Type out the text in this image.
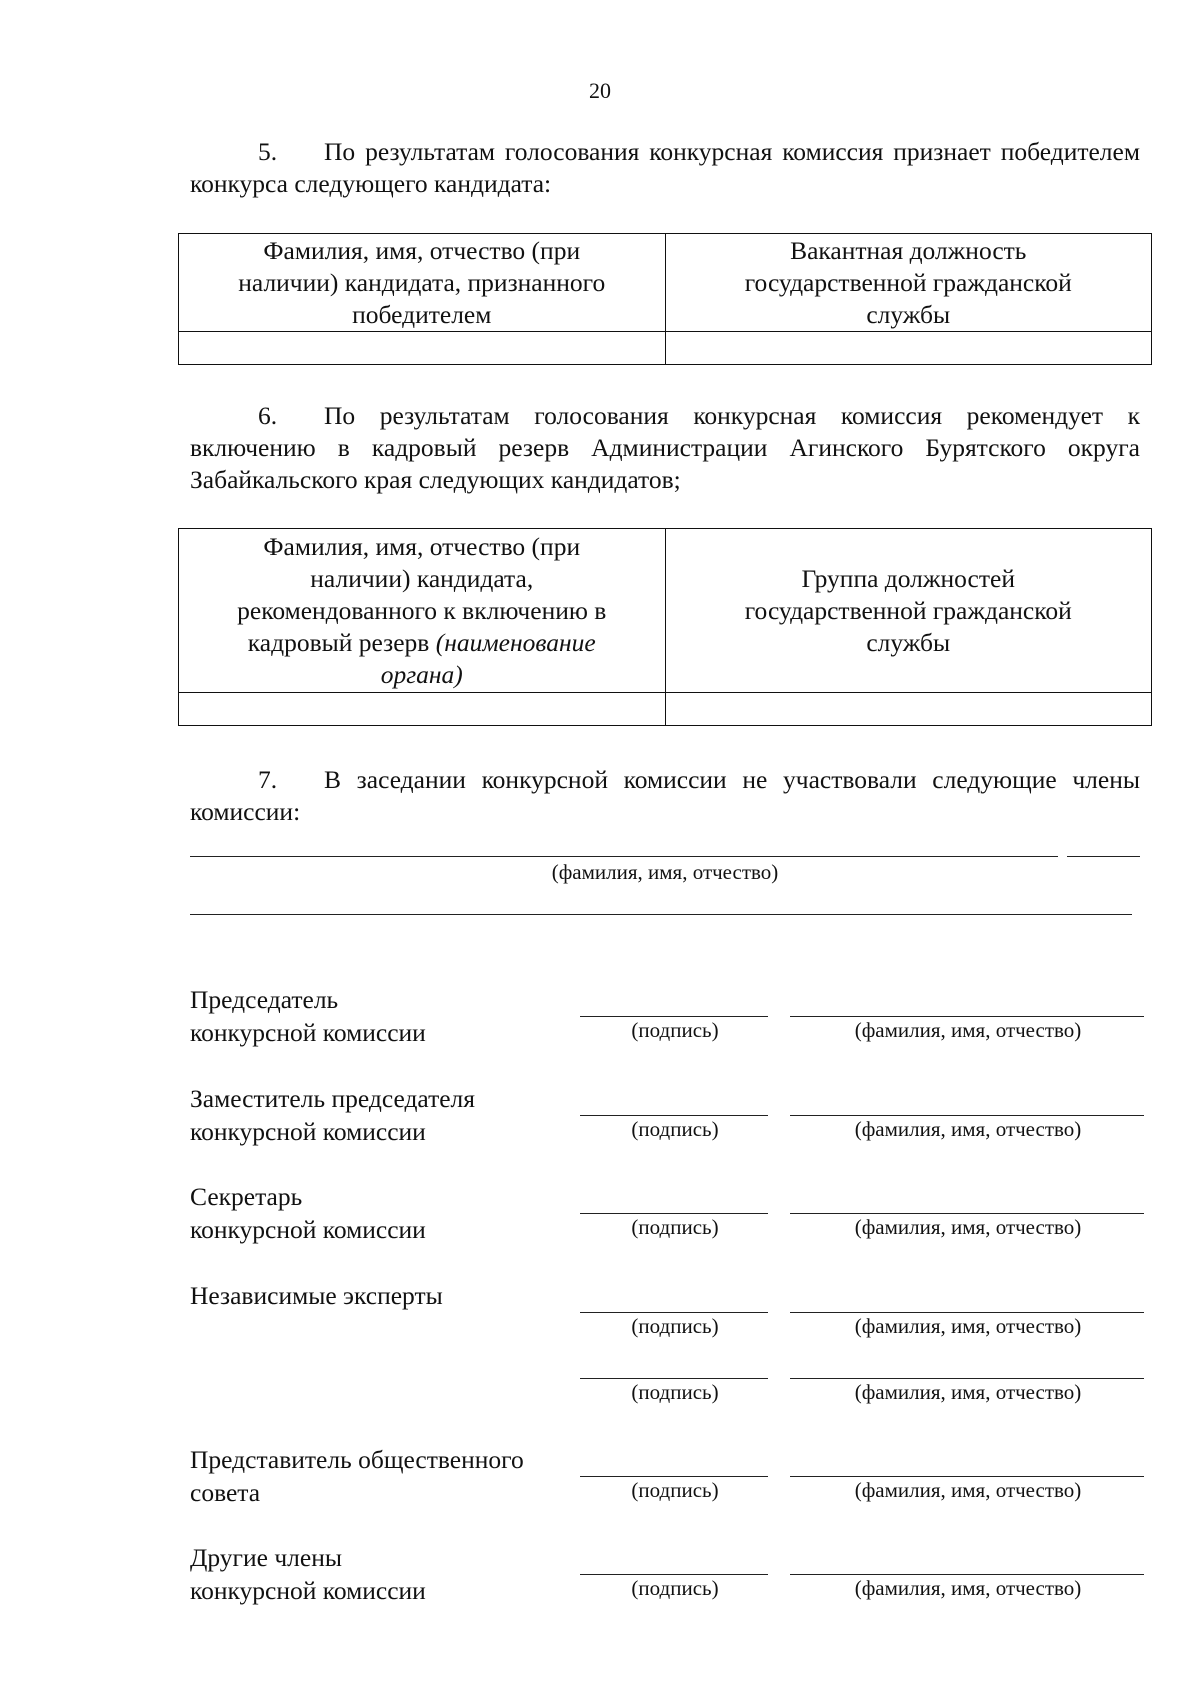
20
5. По результатам голосования конкурсная комиссия признает победителем конкурса следующего кандидата:
Фамилия, имя, отчество (при
наличии) кандидата, признанного
победителем	Вакантная должность
государственной гражданской
службы

6. По результатам голосования конкурсная комиссия рекомендует к включению в кадровый резерв Администрации Агинского Бурятского округа Забайкальского края следующих кандидатов;
Фамилия, имя, отчество (при
наличии) кандидата,
рекомендованного к включению в
кадровый резерв (наименование
органа)	Группа должностей
государственной гражданской
службы

7. В заседании конкурсной комиссии не участвовали следующие члены комиссии:
(фамилия, имя, отчество)
Председатель
конкурсной комиссии	(подпись)	(фамилия, имя, отчество)
Заместитель председателя
конкурсной комиссии	(подпись)	(фамилия, имя, отчество)
Секретарь
конкурсной комиссии	(подпись)	(фамилия, имя, отчество)
Независимые эксперты
(подпись)	(фамилия, имя, отчество)
(подпись)	(фамилия, имя, отчество)
Представитель общественного
совета	(подпись)	(фамилия, имя, отчество)
Другие члены
конкурсной комиссии	(подпись)	(фамилия, имя, отчество)
